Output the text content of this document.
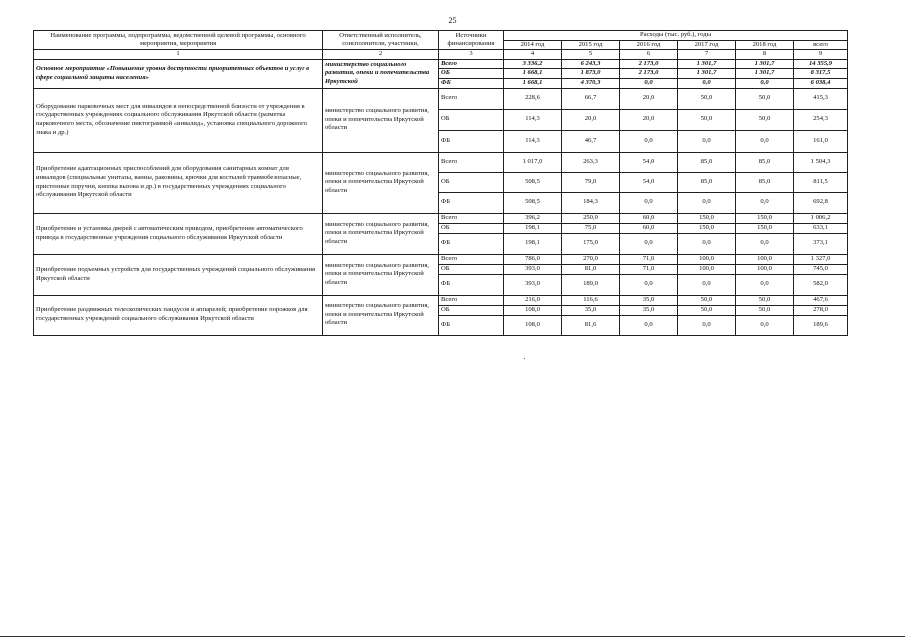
25
Наименование программы, подпрограммы, ведомственной целевой программы, основного мероприятия, мероприятия	Ответственный исполнитель, соисполнители, участники,	Источники финансирования	Расходы (тыс. руб.), годы					
			2014 год	2015 год	2016 год	2017 год	2018 год	всего
1	2	3	4	5	6	7	8	9
Основное мероприятие «Повышение уровня доступности приоритетных объектов и услуг в сфере социальной защиты населения»	министерство социального развития, опеки и попечительства Иркутской	Всего	3 336,2	6 243,3	2 173,0	1 301,7	1 301,7	14 355,9
		ОБ	1 668,1	1 873,0	2 173,0	1 301,7	1 301,7	8 317,5
		ФБ	1 668,1	4 370,3	0,0	0,0	0,0	6 038,4
Оборудование парковочных мест для инвалидов в непосредственной близости от учреждения в государственных учреждениях социального обслуживания Иркутской области (разметка парковочного места, обозначение пиктограммой «инвалид», установка специального дорожного знака и др.)	министерство социального развития, опеки и попечительства Иркутской области	Всего	228,6	66,7	20,0	50,0	50,0	415,3
		ОБ	114,3	20,0	20,0	50,0	50,0	254,3
		ФБ	114,3	46,7	0,0	0,0	0,0	161,0
Приобретение адаптационных приспособлений для оборудования санитарных комнат для инвалидов (специальные унитазы, ванны, раковины, крючки для костылей травмобезопасные, пристенные поручни, кнопка вызова и др.) в государственных учреждениях социального обслуживания Иркутской области	министерство социального развития, опеки и попечительства Иркутской области	Всего	1 017,0	263,3	54,0	85,0	85,0	1 504,3
		ОБ	508,5	79,0	54,0	85,0	85,0	811,5
		ФБ	508,5	184,3	0,0	0,0	0,0	692,8
Приобретение и установка дверей с автоматическим приводом, приобретение автоматического привода в государственные учреждения социального обслуживания Иркутской области	министерство социального развития, опеки и попечительства Иркутской области	Всего	396,2	250,0	60,0	150,0	150,0	1 006,2
		ОБ	198,1	75,0	60,0	150,0	150,0	633,1
		ФБ	198,1	175,0	0,0	0,0	0,0	373,1
Приобретение подъемных устройств для государственных учреждений социального обслуживания Иркутской области	министерство социального развития, опеки и попечительства Иркутской области	Всего	786,0	270,0	71,0	100,0	100,0	1 327,0
		ОБ	393,0	81,0	71,0	100,0	100,0	745,0
		ФБ	393,0	189,0	0,0	0,0	0,0	582,0
Приобретение раздвижных телескопических пандусов и аппарелей; приобретение порожков для государственных учреждений социального обслуживания Иркутской области	министерство социального развития, опеки и попечительства Иркутской области	Всего	216,0	116,6	35,0	50,0	50,0	467,6
		ОБ	108,0	35,0	35,0	50,0	50,0	278,0
		ФБ	108,0	81,6	0,0	0,0	0,0	189,6
